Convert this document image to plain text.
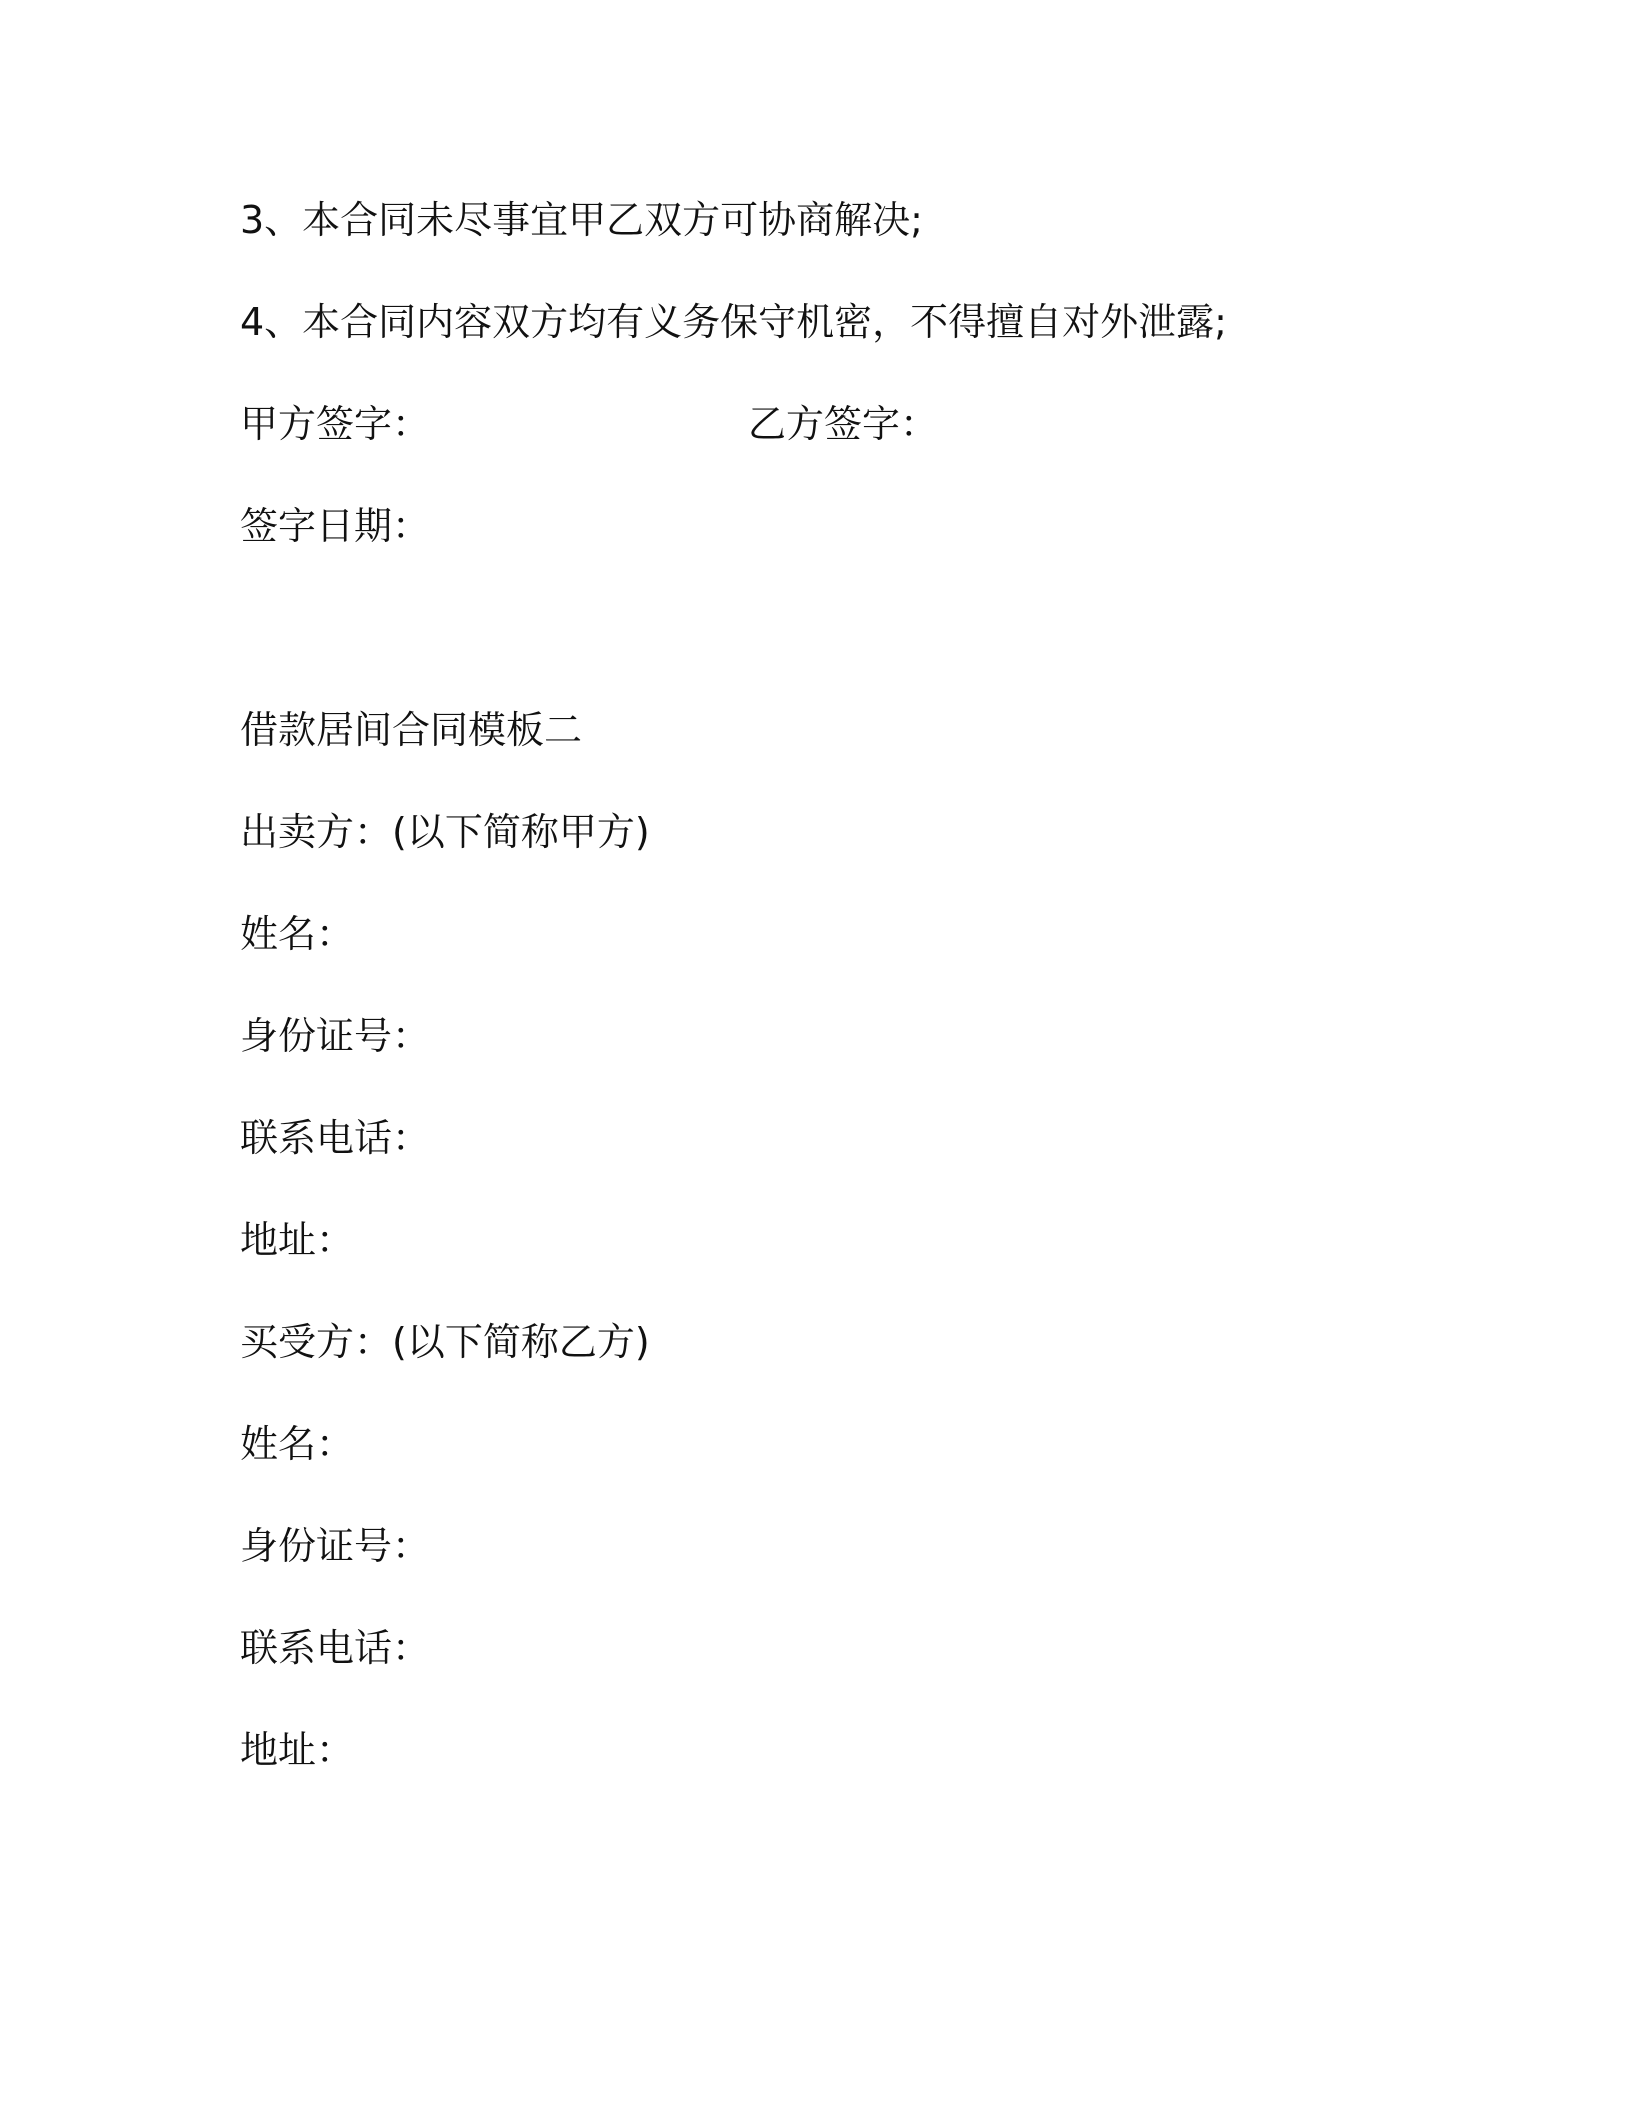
3、本合同未尽事宜甲乙双方可协商解决;
4、本合同内容双方均有义务保守机密，不得擅自对外泄露;
甲方签字：	乙方签字：
签字日期：
借款居间合同模板二
出卖方：(以下简称甲方)
姓名：
身份证号：
联系电话：
地址：
买受方：(以下简称乙方)
姓名：
身份证号：
联系电话：
地址：
